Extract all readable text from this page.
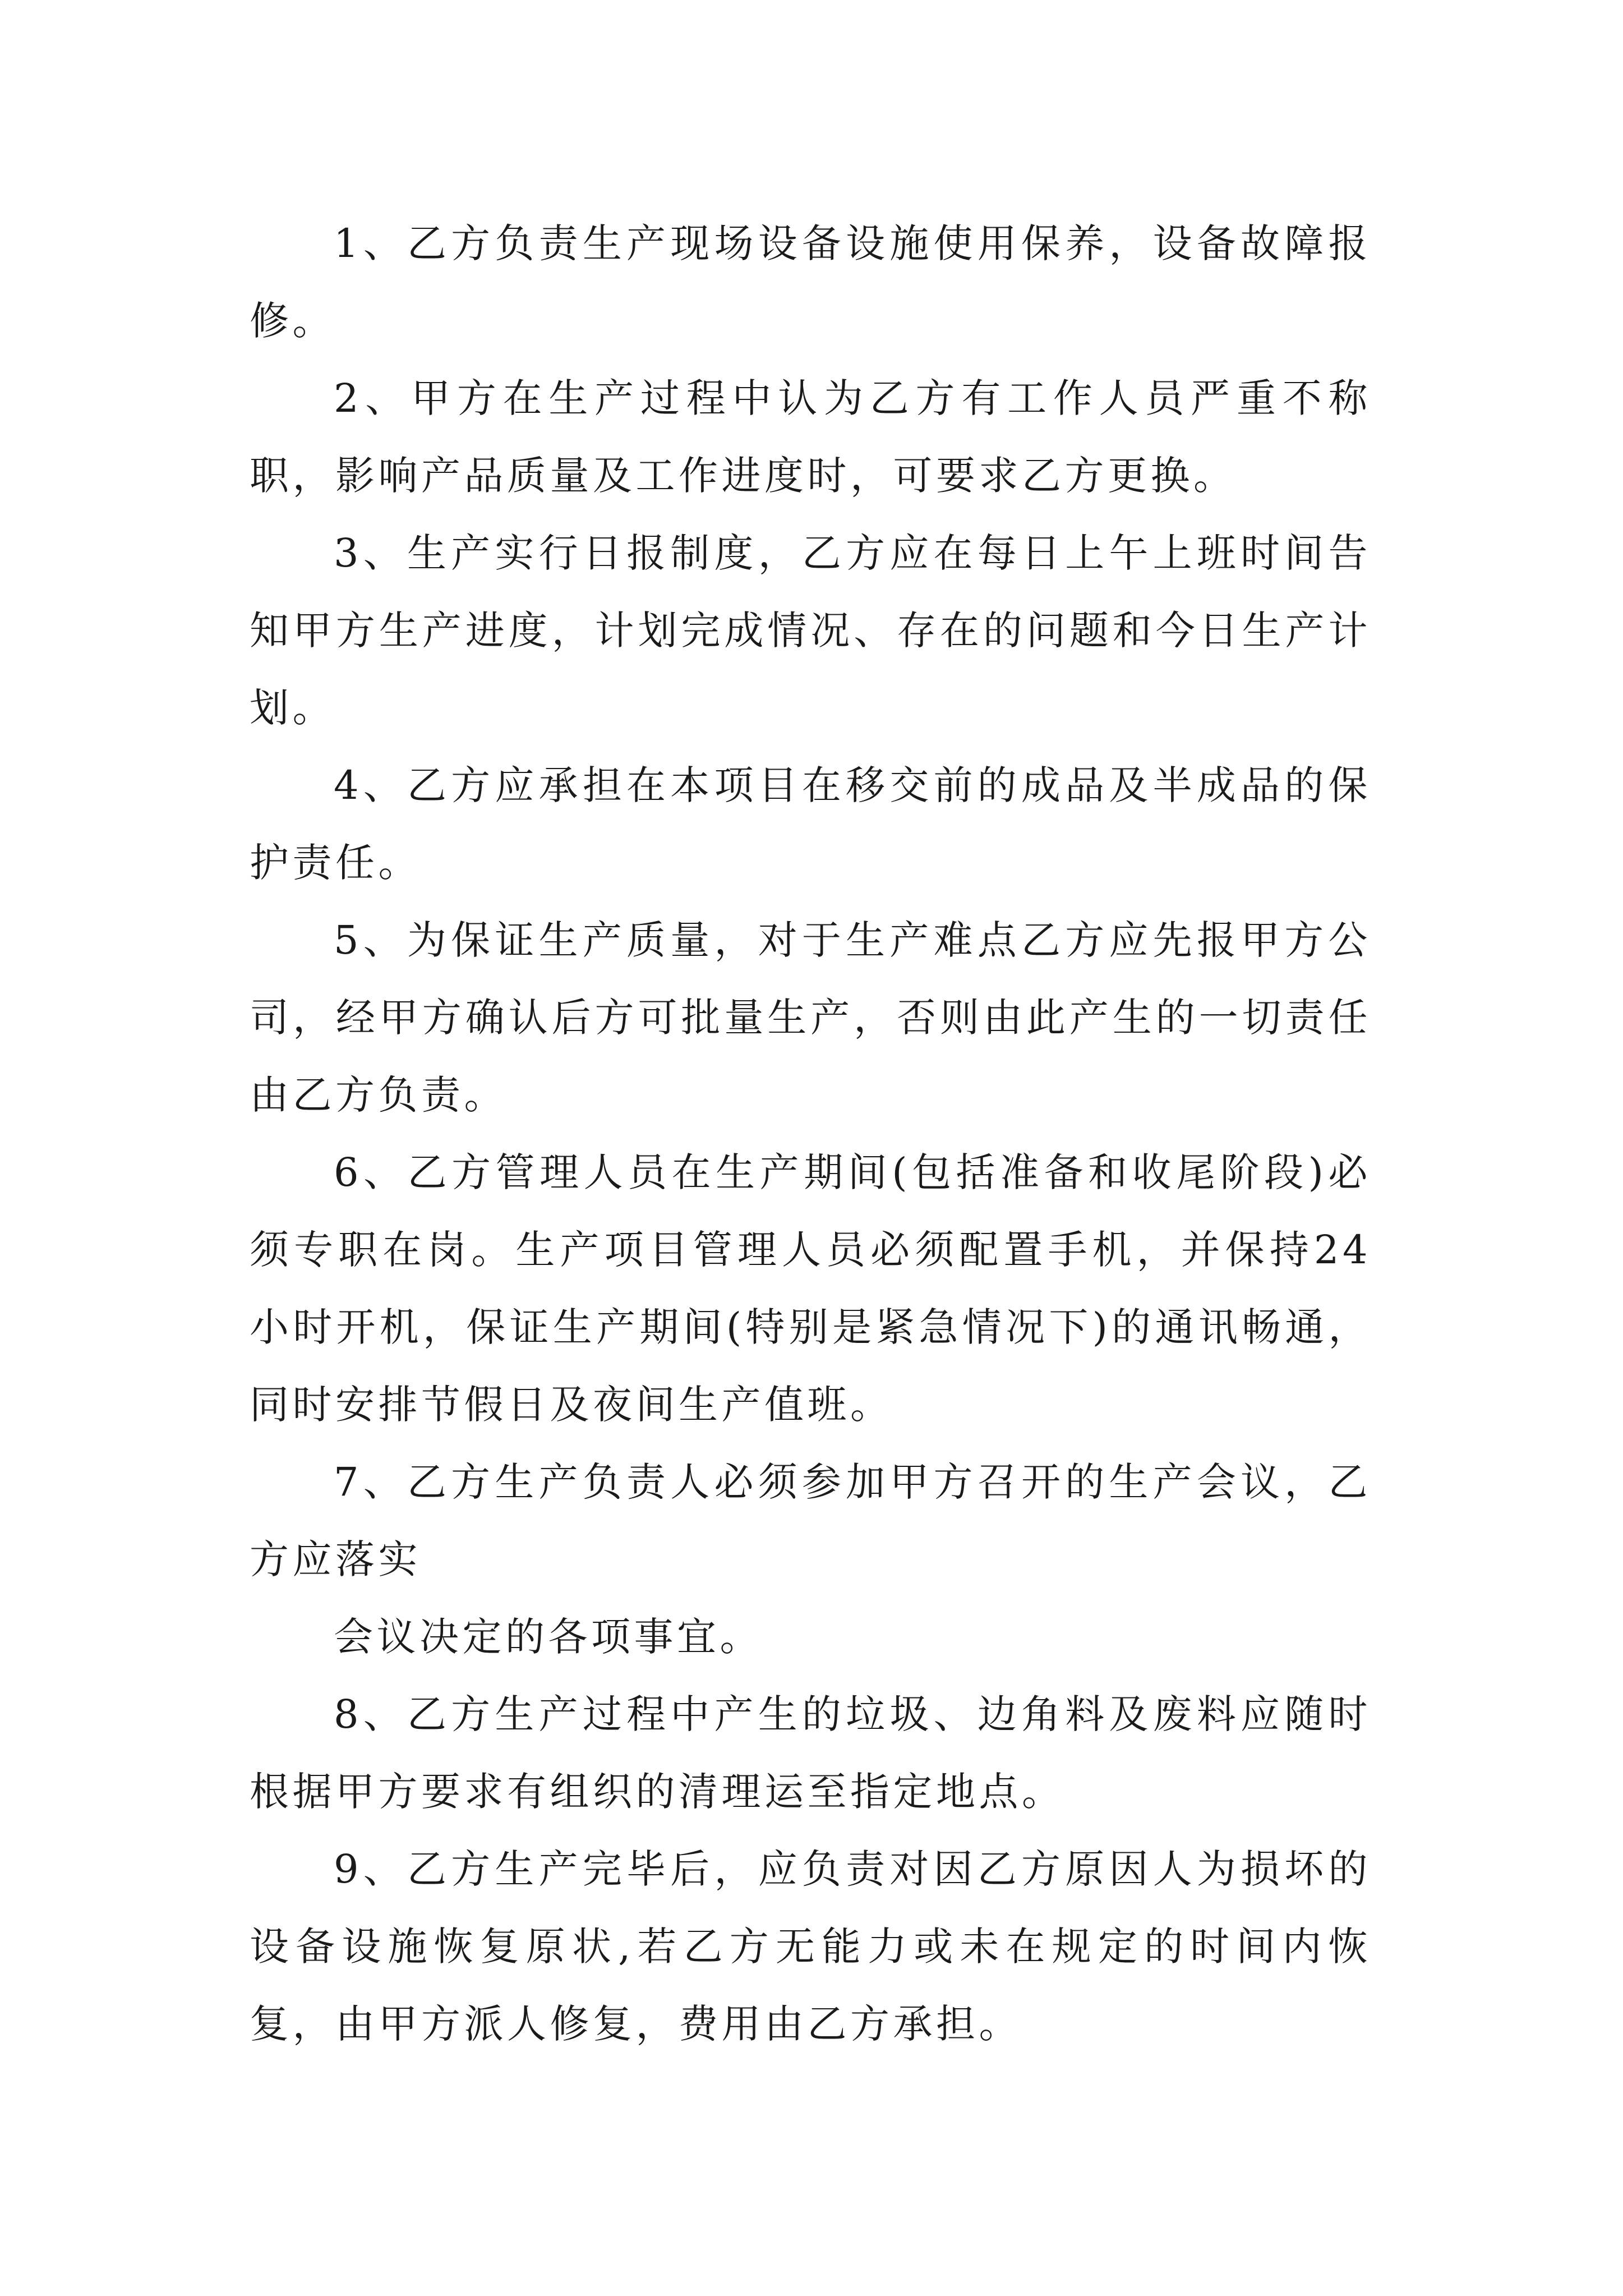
1、乙方负责生产现场设备设施使用保养，设备故障报修。

2、甲方在生产过程中认为乙方有工作人员严重不称职，影响产品质量及工作进度时，可要求乙方更换。

3、生产实行日报制度，乙方应在每日上午上班时间告知甲方生产进度，计划完成情况、存在的问题和今日生产计划。

4、乙方应承担在本项目在移交前的成品及半成品的保护责任。

5、为保证生产质量，对于生产难点乙方应先报甲方公司，经甲方确认后方可批量生产，否则由此产生的一切责任由乙方负责。

6、乙方管理人员在生产期间(包括准备和收尾阶段)必须专职在岗。生产项目管理人员必须配置手机，并保持24小时开机，保证生产期间(特别是紧急情况下)的通讯畅通，同时安排节假日及夜间生产值班。

7、乙方生产负责人必须参加甲方召开的生产会议，乙方应落实

会议决定的各项事宜。

8、乙方生产过程中产生的垃圾、边角料及废料应随时根据甲方要求有组织的清理运至指定地点。

9、乙方生产完毕后，应负责对因乙方原因人为损坏的设备设施恢复原状,若乙方无能力或未在规定的时间内恢复，由甲方派人修复，费用由乙方承担。
